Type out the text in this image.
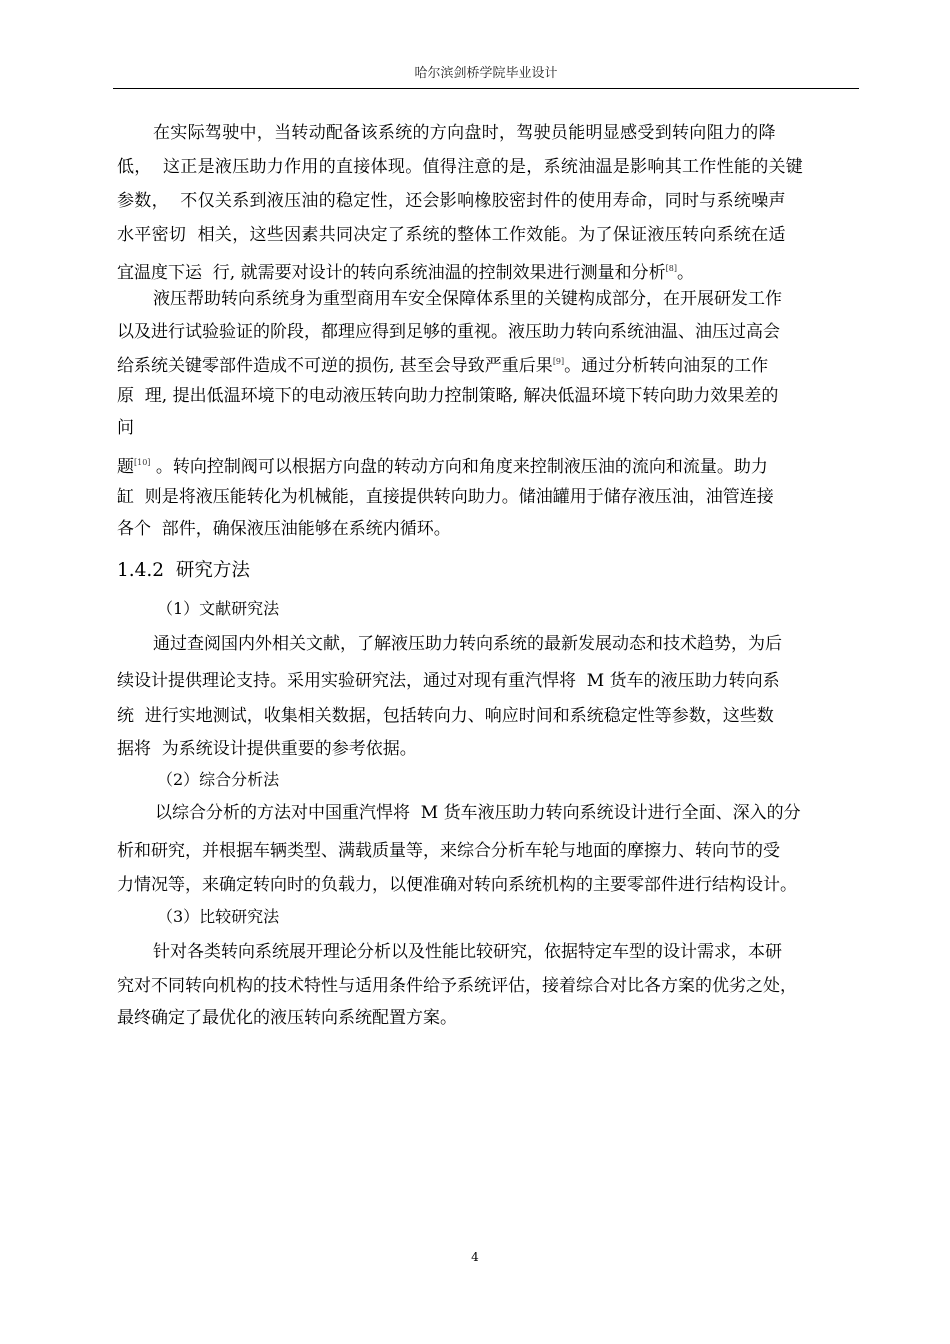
哈尔滨剑桥学院毕业设计
在实际驾驶中，当转动配备该系统的方向盘时，驾驶员能明显感受到转向阻力的降
低，  这正是液压助力作用的直接体现。值得注意的是，系统油温是影响其工作性能的关键
参数，  不仅关系到液压油的稳定性，还会影响橡胶密封件的使用寿命，同时与系统噪声
水平密切  相关，这些因素共同决定了系统的整体工作效能。为了保证液压转向系统在适
宜温度下运  行, 就需要对设计的转向系统油温的控制效果进行测量和分析[8]。
液压帮助转向系统身为重型商用车安全保障体系里的关键构成部分，在开展研发工作
以及进行试验验证的阶段，都理应得到足够的重视。液压助力转向系统油温、油压过高会
给系统关键零部件造成不可逆的损伤, 甚至会导致严重后果[9]。通过分析转向油泵的工作
原  理, 提出低温环境下的电动液压转向助力控制策略, 解决低温环境下转向助力效果差的
问
题[10] 。转向控制阀可以根据方向盘的转动方向和角度来控制液压油的流向和流量。助力
缸  则是将液压能转化为机械能，直接提供转向助力。储油罐用于储存液压油，油管连接
各个  部件，确保液压油能够在系统内循环。
1.4.2 研究方法
（1）文献研究法
通过查阅国内外相关文献，了解液压助力转向系统的最新发展动态和技术趋势，为后
续设计提供理论支持。采用实验研究法，通过对现有重汽悍将  M 货车的液压助力转向系
统  进行实地测试，收集相关数据，包括转向力、响应时间和系统稳定性等参数，这些数
据将  为系统设计提供重要的参考依据。
（2）综合分析法
以综合分析的方法对中国重汽悍将  M 货车液压助力转向系统设计进行全面、深入的分
析和研究，并根据车辆类型、满载质量等，来综合分析车轮与地面的摩擦力、转向节的受
力情况等，来确定转向时的负载力，以便准确对转向系统机构的主要零部件进行结构设计。
（3）比较研究法
针对各类转向系统展开理论分析以及性能比较研究，依据特定车型的设计需求，本研
究对不同转向机构的技术特性与适用条件给予系统评估，接着综合对比各方案的优劣之处，
最终确定了最优化的液压转向系统配置方案。
4
